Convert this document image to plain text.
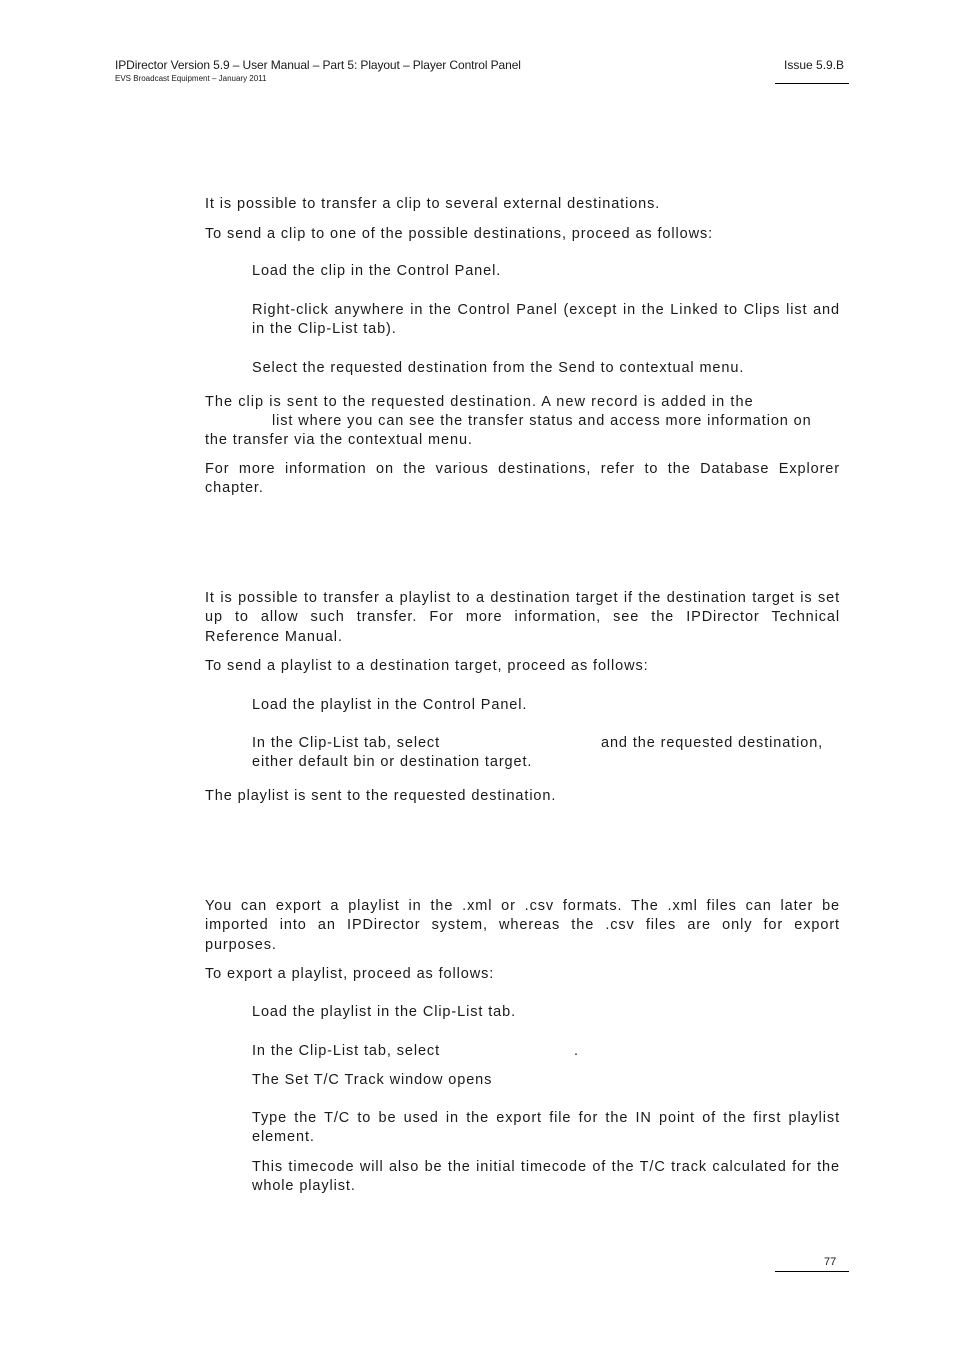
IPDirector Version 5.9 – User Manual – Part 5: Playout – Player Control Panel
EVS Broadcast Equipment – January 2011
Issue 5.9.B

It is possible to transfer a clip to several external destinations.

To send a clip to one of the possible destinations, proceed as follows:

Load the clip in the Control Panel.

Right-click anywhere in the Control Panel (except in the Linked to Clips list and in the Clip-List tab).

Select the requested destination from the Send to contextual menu.

The clip is sent to the requested destination. A new record is added in the

list where you can see the transfer status and access more information on

the transfer via the contextual menu.

For more information on the various destinations, refer to the Database Explorer chapter.

It is possible to transfer a playlist to a destination target if the destination target is set up to allow such transfer. For more information, see the IPDirector Technical Reference Manual.

To send a playlist to a destination target, proceed as follows:

Load the playlist in the Control Panel.

In the Clip-List tab, select	and the requested destination,

either default bin or destination target.

The playlist is sent to the requested destination.

You can export a playlist in the .xml or .csv formats. The .xml files can later be imported into an IPDirector system, whereas the .csv files are only for export purposes.

To export a playlist, proceed as follows:

Load the playlist in the Clip-List tab.

In the Clip-List tab, select	.

The Set T/C Track window opens

Type the T/C to be used in the export file for the IN point of the first playlist element.

This timecode will also be the initial timecode of the T/C track calculated for the whole playlist.

77
